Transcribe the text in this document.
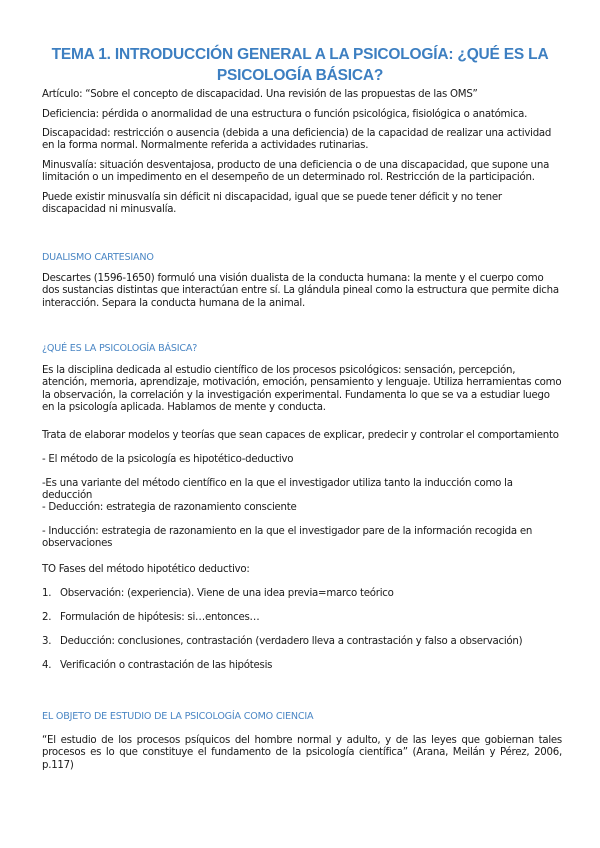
TEMA 1. INTRODUCCIÓN GENERAL A LA PSICOLOGÍA: ¿QUÉ ES LA PSICOLOGÍA BÁSICA?
Artículo: “Sobre el concepto de discapacidad. Una revisión de las propuestas de las OMS”
Deficiencia: pérdida o anormalidad de una estructura o función psicológica, fisiológica o anatómica.
Discapacidad: restricción o ausencia (debida a una deficiencia) de la capacidad de realizar una actividad en la forma normal. Normalmente referida a actividades rutinarias.
Minusvalía: situación desventajosa, producto de una deficiencia o de una discapacidad, que supone una limitación o un impedimento en el desempeño de un determinado rol. Restricción de la participación.
Puede existir minusvalía sin déficit ni discapacidad, igual que se puede tener déficit y no tener discapacidad ni minusvalía.
DUALISMO CARTESIANO
Descartes (1596-1650) formuló una visión dualista de la conducta humana: la mente y el cuerpo como dos sustancias distintas que interactúan entre sí. La glándula pineal como la estructura que permite dicha interacción. Separa la conducta humana de la animal.
¿QUÉ ES LA PSICOLOGÍA BÁSICA?
Es la disciplina dedicada al estudio científico de los procesos psicológicos: sensación, percepción, atención, memoria, aprendizaje, motivación, emoción, pensamiento y lenguaje. Utiliza herramientas como la observación, la correlación y la investigación experimental. Fundamenta lo que se va a estudiar luego en la psicología aplicada. Hablamos de mente y conducta.
Trata de elaborar modelos y teorías que sean capaces de explicar, predecir y controlar el comportamiento
- El método de la psicología es hipotético-deductivo
-Es una variante del método científico en la que el investigador utiliza tanto la inducción como la deducción
- Deducción: estrategia de razonamiento consciente
- Inducción: estrategia de razonamiento en la que el investigador pare de la información recogida en observaciones
TO Fases del método hipotético deductivo:
1. Observación: (experiencia). Viene de una idea previa=marco teórico
2. Formulación de hipótesis: si…entonces…
3. Deducción: conclusiones, contrastación (verdadero lleva a contrastación y falso a observación)
4. Verificación o contrastación de las hipótesis
EL OBJETO DE ESTUDIO DE LA PSICOLOGÍA COMO CIENCIA
“El estudio de los procesos psíquicos del hombre normal y adulto, y de las leyes que gobiernan tales procesos es lo que constituye el fundamento de la psicología científica” (Arana, Meilán y Pérez, 2006, p.117)
